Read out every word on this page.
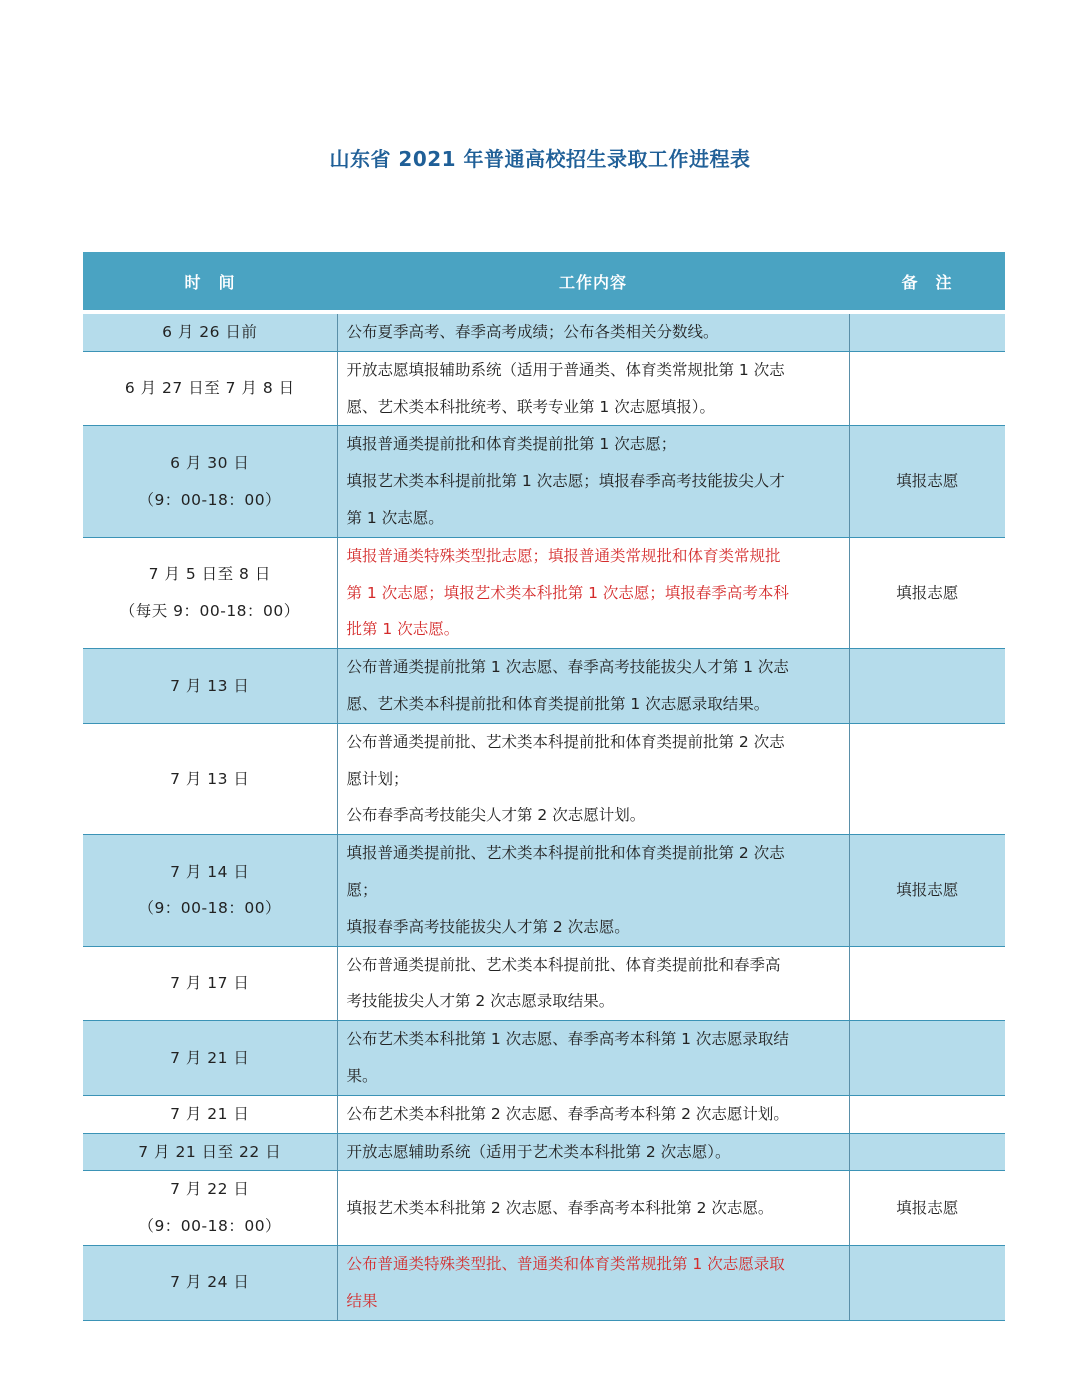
山东省 2021 年普通高校招生录取工作进程表
时　间	工作内容	备　注

6 月 26 日前	公布夏季高考、春季高考成绩；公布各类相关分数线。	

6 月 27 日至 7 月 8 日	开放志愿填报辅助系统（适用于普通类、体育类常规批第 1 次志
愿、艺术类本科批统考、联考专业第 1 次志愿填报）。	

6 月 30 日
（9：00-18：00）	填报普通类提前批和体育类提前批第 1 次志愿；
填报艺术类本科提前批第 1 次志愿；填报春季高考技能拔尖人才
第 1 次志愿。	填报志愿

7 月 5 日至 8 日
（每天 9：00-18：00）	填报普通类特殊类型批志愿；填报普通类常规批和体育类常规批
第 1 次志愿；填报艺术类本科批第 1 次志愿；填报春季高考本科
批第 1 次志愿。	填报志愿

7 月 13 日	公布普通类提前批第 1 次志愿、春季高考技能拔尖人才第 1 次志
愿、艺术类本科提前批和体育类提前批第 1 次志愿录取结果。	

7 月 13 日	公布普通类提前批、艺术类本科提前批和体育类提前批第 2 次志
愿计划；
公布春季高考技能尖人才第 2 次志愿计划。	

7 月 14 日
（9：00-18：00）	填报普通类提前批、艺术类本科提前批和体育类提前批第 2 次志
愿；
填报春季高考技能拔尖人才第 2 次志愿。	填报志愿

7 月 17 日	公布普通类提前批、艺术类本科提前批、体育类提前批和春季高
考技能拔尖人才第 2 次志愿录取结果。	

7 月 21 日	公布艺术类本科批第 1 次志愿、春季高考本科第 1 次志愿录取结
果。	

7 月 21 日	公布艺术类本科批第 2 次志愿、春季高考本科第 2 次志愿计划。	

7 月 21 日至 22 日	开放志愿辅助系统（适用于艺术类本科批第 2 次志愿）。	

7 月 22 日
（9：00-18：00）	填报艺术类本科批第 2 次志愿、春季高考本科批第 2 次志愿。	填报志愿

7 月 24 日	公布普通类特殊类型批、普通类和体育类常规批第 1 次志愿录取
结果	
